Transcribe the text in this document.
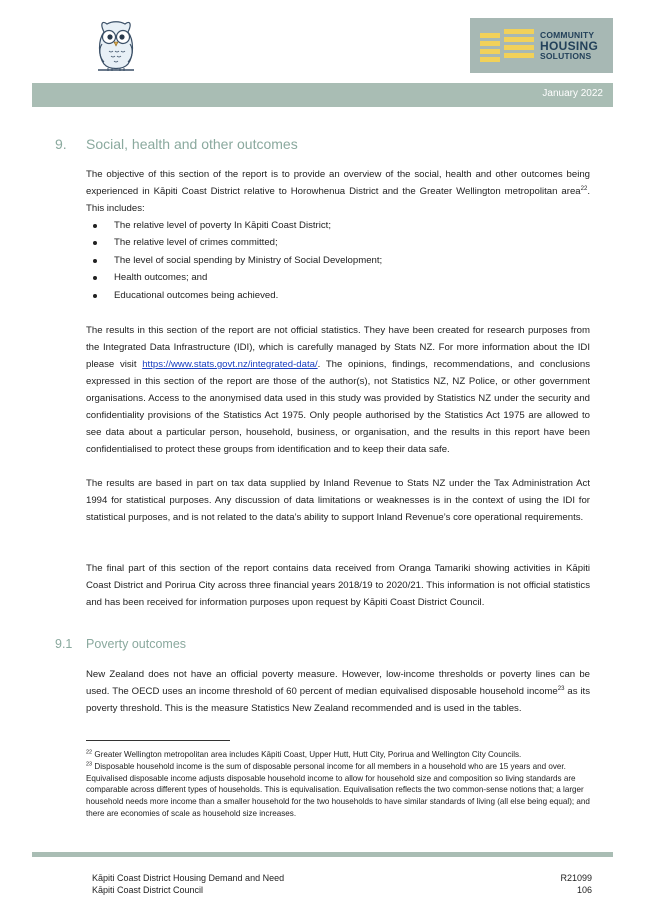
COMMUNITY
HOUSING
SOLUTIONS
January 2022
9. Social, health and other outcomes

The objective of this section of the report is to provide an overview of the social, health and other outcomes being experienced in Kāpiti Coast District relative to Horowhenua District and the Greater Wellington metropolitan area$^{22}$. This includes:

The relative level of poverty In Kāpiti Coast District;
The relative level of crimes committed;
The level of social spending by Ministry of Social Development;
Health outcomes; and
Educational outcomes being achieved.

The results in this section of the report are not official statistics. They have been created for research purposes from the Integrated Data Infrastructure (IDI), which is carefully managed by Stats NZ. For more information about the IDI please visit https://www.stats.govt.nz/integrated-data/. The opinions, findings, recommendations, and conclusions expressed in this section of the report are those of the author(s), not Statistics NZ, NZ Police, or other government organisations. Access to the anonymised data used in this study was provided by Statistics NZ under the security and confidentiality provisions of the Statistics Act 1975. Only people authorised by the Statistics Act 1975 are allowed to see data about a particular person, household, business, or organisation, and the results in this report have been confidentialised to protect these groups from identification and to keep their data safe.

The results are based in part on tax data supplied by Inland Revenue to Stats NZ under the Tax Administration Act 1994 for statistical purposes. Any discussion of data limitations or weaknesses is in the context of using the IDI for statistical purposes, and is not related to the data’s ability to support Inland Revenue’s core operational requirements.

The final part of this section of the report contains data received from Oranga Tamariki showing activities in Kāpiti Coast District and Porirua City across three financial years 2018/19 to 2020/21. This information is not official statistics and has been received for information purposes upon request by Kāpiti Coast District Council.

9.1 Poverty outcomes

New Zealand does not have an official poverty measure. However, low-income thresholds or poverty lines can be used. The OECD uses an income threshold of 60 percent of median equivalised disposable household income$^{23}$ as its poverty threshold. This is the measure Statistics New Zealand recommended and is used in the tables.

$^{22}$ Greater Wellington metropolitan area includes Kāpiti Coast, Upper Hutt, Hutt City, Porirua and Wellington City Councils.

$^{23}$ Disposable household income is the sum of disposable personal income for all members in a household who are 15 years and over. Equivalised disposable income adjusts disposable household income to allow for household size and composition so living standards are comparable across different types of households. This is equivalisation. Equivalisation reflects the two common-sense notions that; a larger household needs more income than a smaller household for the two households to have similar standards of living (all else being equal); and there are economies of scale as household size increases.

Kāpiti Coast District Housing Demand and Need
Kāpiti Coast District Council
R21099
106
